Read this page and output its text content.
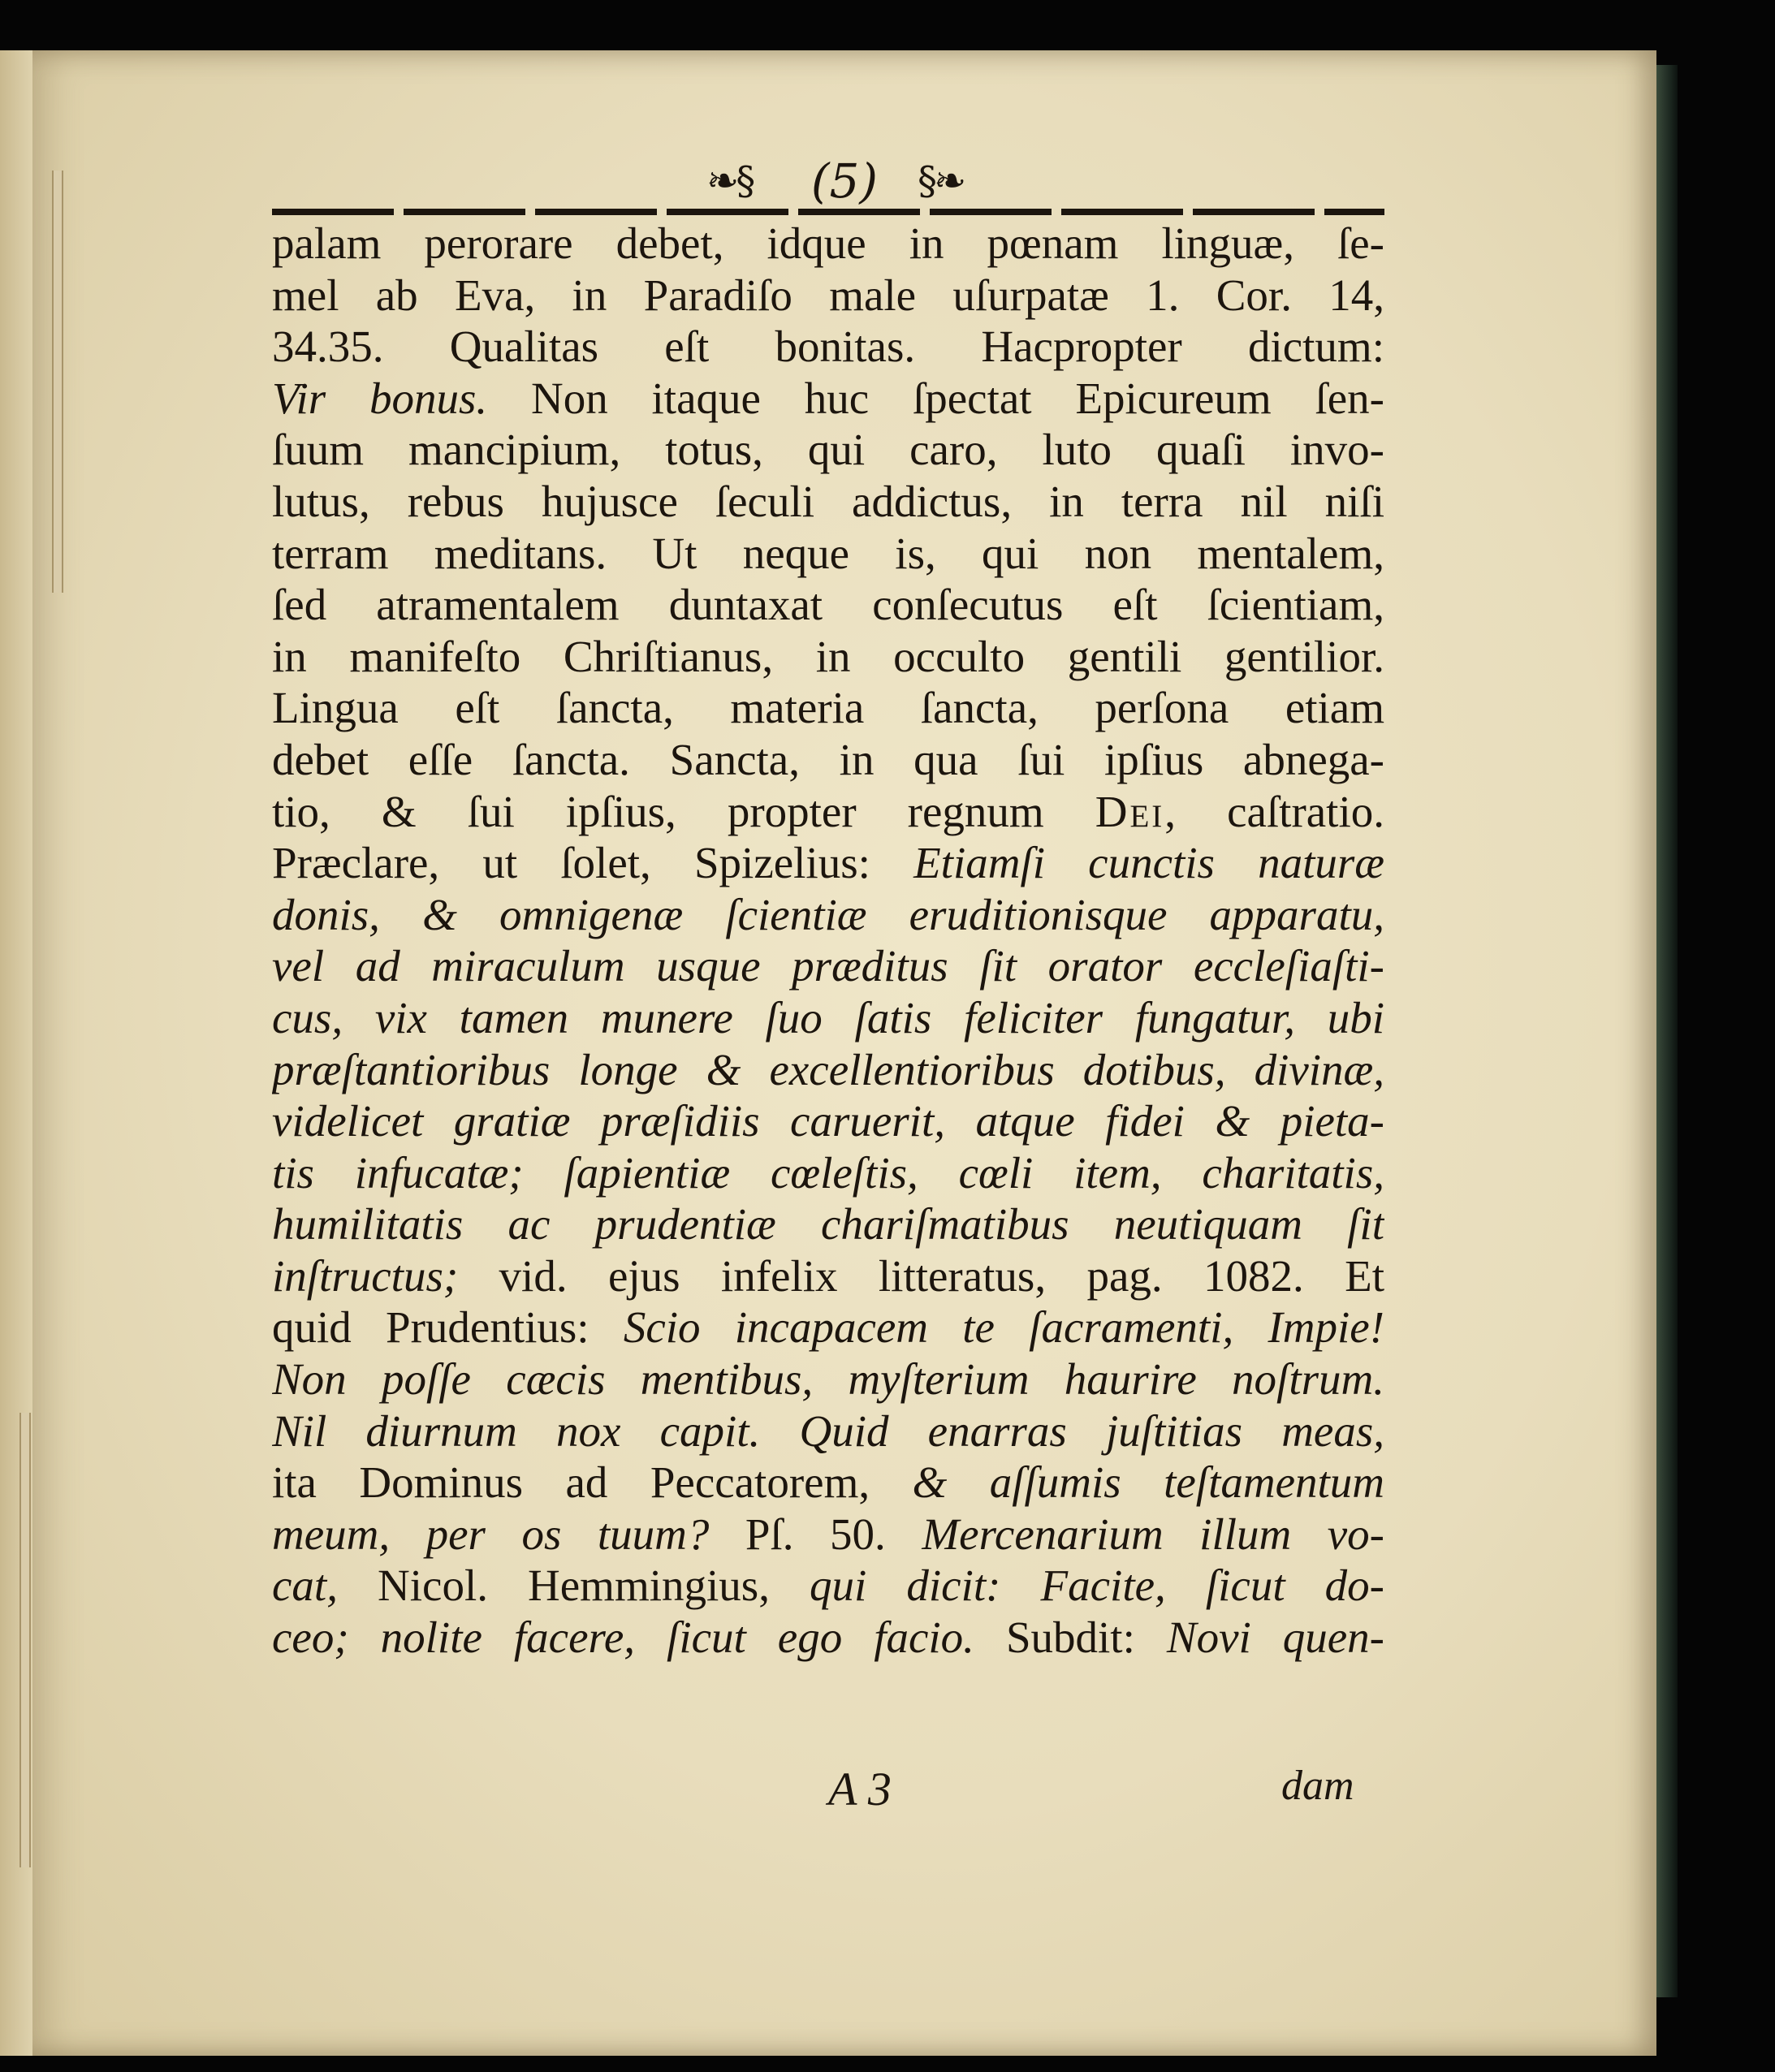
❧§	(5)	§❧
palam perorare debet, idque in pœnam linguæ, ſe-
mel ab Eva, in Paradiſo male uſurpatæ 1. Cor. 14,
34.35. Qualitas eſt bonitas. Hacpropter dictum:
Vir bonus. Non itaque huc ſpectat Epicureum ſen-
ſuum mancipium, totus, qui caro, luto quaſi invo-
lutus, rebus hujusce ſeculi addictus, in terra nil niſi
terram meditans. Ut neque is, qui non mentalem,
ſed atramentalem duntaxat conſecutus eſt ſcientiam,
in manifeſto Chriſtianus, in occulto gentili gentilior.
Lingua eſt ſancta, materia ſancta, perſona etiam
debet eſſe ſancta. Sancta, in qua ſui ipſius abnega-
tio, & ſui ipſius, propter regnum Dei, caſtratio.
Præclare, ut ſolet, Spizelius: Etiamſi cunctis naturæ
donis, & omnigenæ ſcientiæ eruditionisque apparatu,
vel ad miraculum usque præditus ſit orator eccleſiaſti-
cus, vix tamen munere ſuo ſatis feliciter fungatur, ubi
præſtantioribus longe & excellentioribus dotibus, divinæ,
videlicet gratiæ præſidiis caruerit, atque fidei & pieta-
tis infucatæ; ſapientiæ cœleſtis, cœli item, charitatis,
humilitatis ac prudentiæ chariſmatibus neutiquam ſit
inſtructus; vid. ejus infelix litteratus, pag. 1082. Et
quid Prudentius: Scio incapacem te ſacramenti, Impie!
Non poſſe cæcis mentibus, myſterium haurire noſtrum.
Nil diurnum nox capit. Quid enarras juſtitias meas,
ita Dominus ad Peccatorem, & aſſumis teſtamentum
meum, per os tuum? Pſ. 50. Mercenarium illum vo-
cat, Nicol. Hemmingius, qui dicit: Facite, ſicut do-
ceo; nolite facere, ſicut ego facio. Subdit: Novi quen-
A 3	dam
